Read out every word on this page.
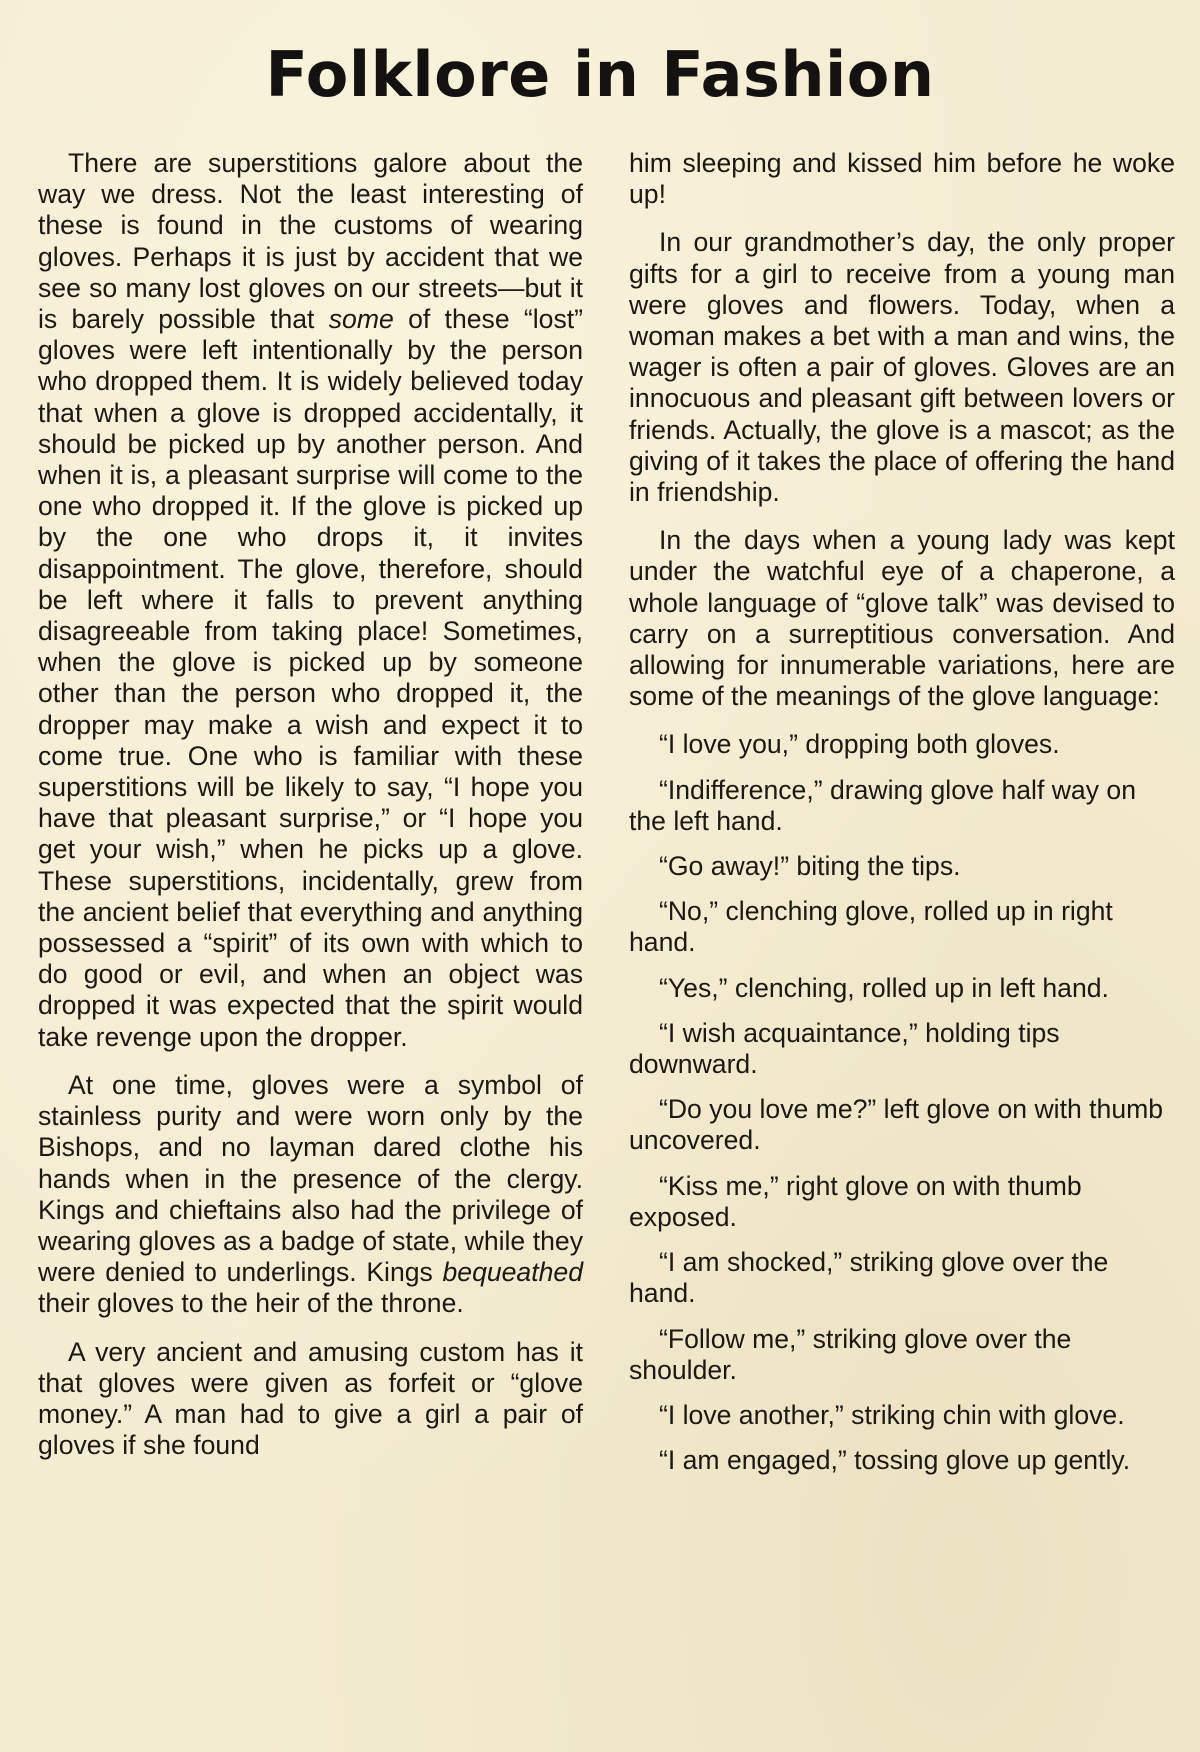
Folklore in Fashion

There are superstitions galore about the way we dress. Not the least interesting of these is found in the customs of wearing gloves. Perhaps it is just by accident that we see so many lost gloves on our streets—but it is barely possible that some of these “lost” gloves were left intentionally by the person who dropped them. It is widely believed today that when a glove is dropped accidentally, it should be picked up by another person. And when it is, a pleasant surprise will come to the one who dropped it. If the glove is picked up by the one who drops it, it invites disappointment. The glove, therefore, should be left where it falls to prevent anything disagreeable from taking place! Sometimes, when the glove is picked up by someone other than the person who dropped it, the dropper may make a wish and expect it to come true. One who is familiar with these superstitions will be likely to say, “I hope you have that pleasant surprise,” or “I hope you get your wish,” when he picks up a glove. These superstitions, incidentally, grew from the ancient belief that everything and anything possessed a “spirit” of its own with which to do good or evil, and when an object was dropped it was expected that the spirit would take revenge upon the dropper.

At one time, gloves were a symbol of stainless purity and were worn only by the Bishops, and no layman dared clothe his hands when in the presence of the clergy. Kings and chieftains also had the privilege of wearing gloves as a badge of state, while they were denied to underlings. Kings bequeathed their gloves to the heir of the throne.

A very ancient and amusing custom has it that gloves were given as forfeit or “glove money.” A man had to give a girl a pair of gloves if she found

him sleeping and kissed him before he woke up!

In our grandmother’s day, the only proper gifts for a girl to receive from a young man were gloves and flowers. Today, when a woman makes a bet with a man and wins, the wager is often a pair of gloves. Gloves are an innocuous and pleasant gift between lovers or friends. Actually, the glove is a mascot; as the giving of it takes the place of offering the hand in friendship.

In the days when a young lady was kept under the watchful eye of a chaperone, a whole language of “glove talk” was devised to carry on a surreptitious conversation. And allowing for innumerable variations, here are some of the meanings of the glove language:

“I love you,” dropping both gloves.

“Indifference,” drawing glove half way on the left hand.

“Go away!” biting the tips.

“No,” clenching glove, rolled up in right hand.

“Yes,” clenching, rolled up in left hand.

“I wish acquaintance,” holding tips downward.

“Do you love me?” left glove on with thumb uncovered.

“Kiss me,” right glove on with thumb exposed.

“I am shocked,” striking glove over the hand.

“Follow me,” striking glove over the shoulder.

“I love another,” striking chin with glove.

“I am engaged,” tossing glove up gently.
